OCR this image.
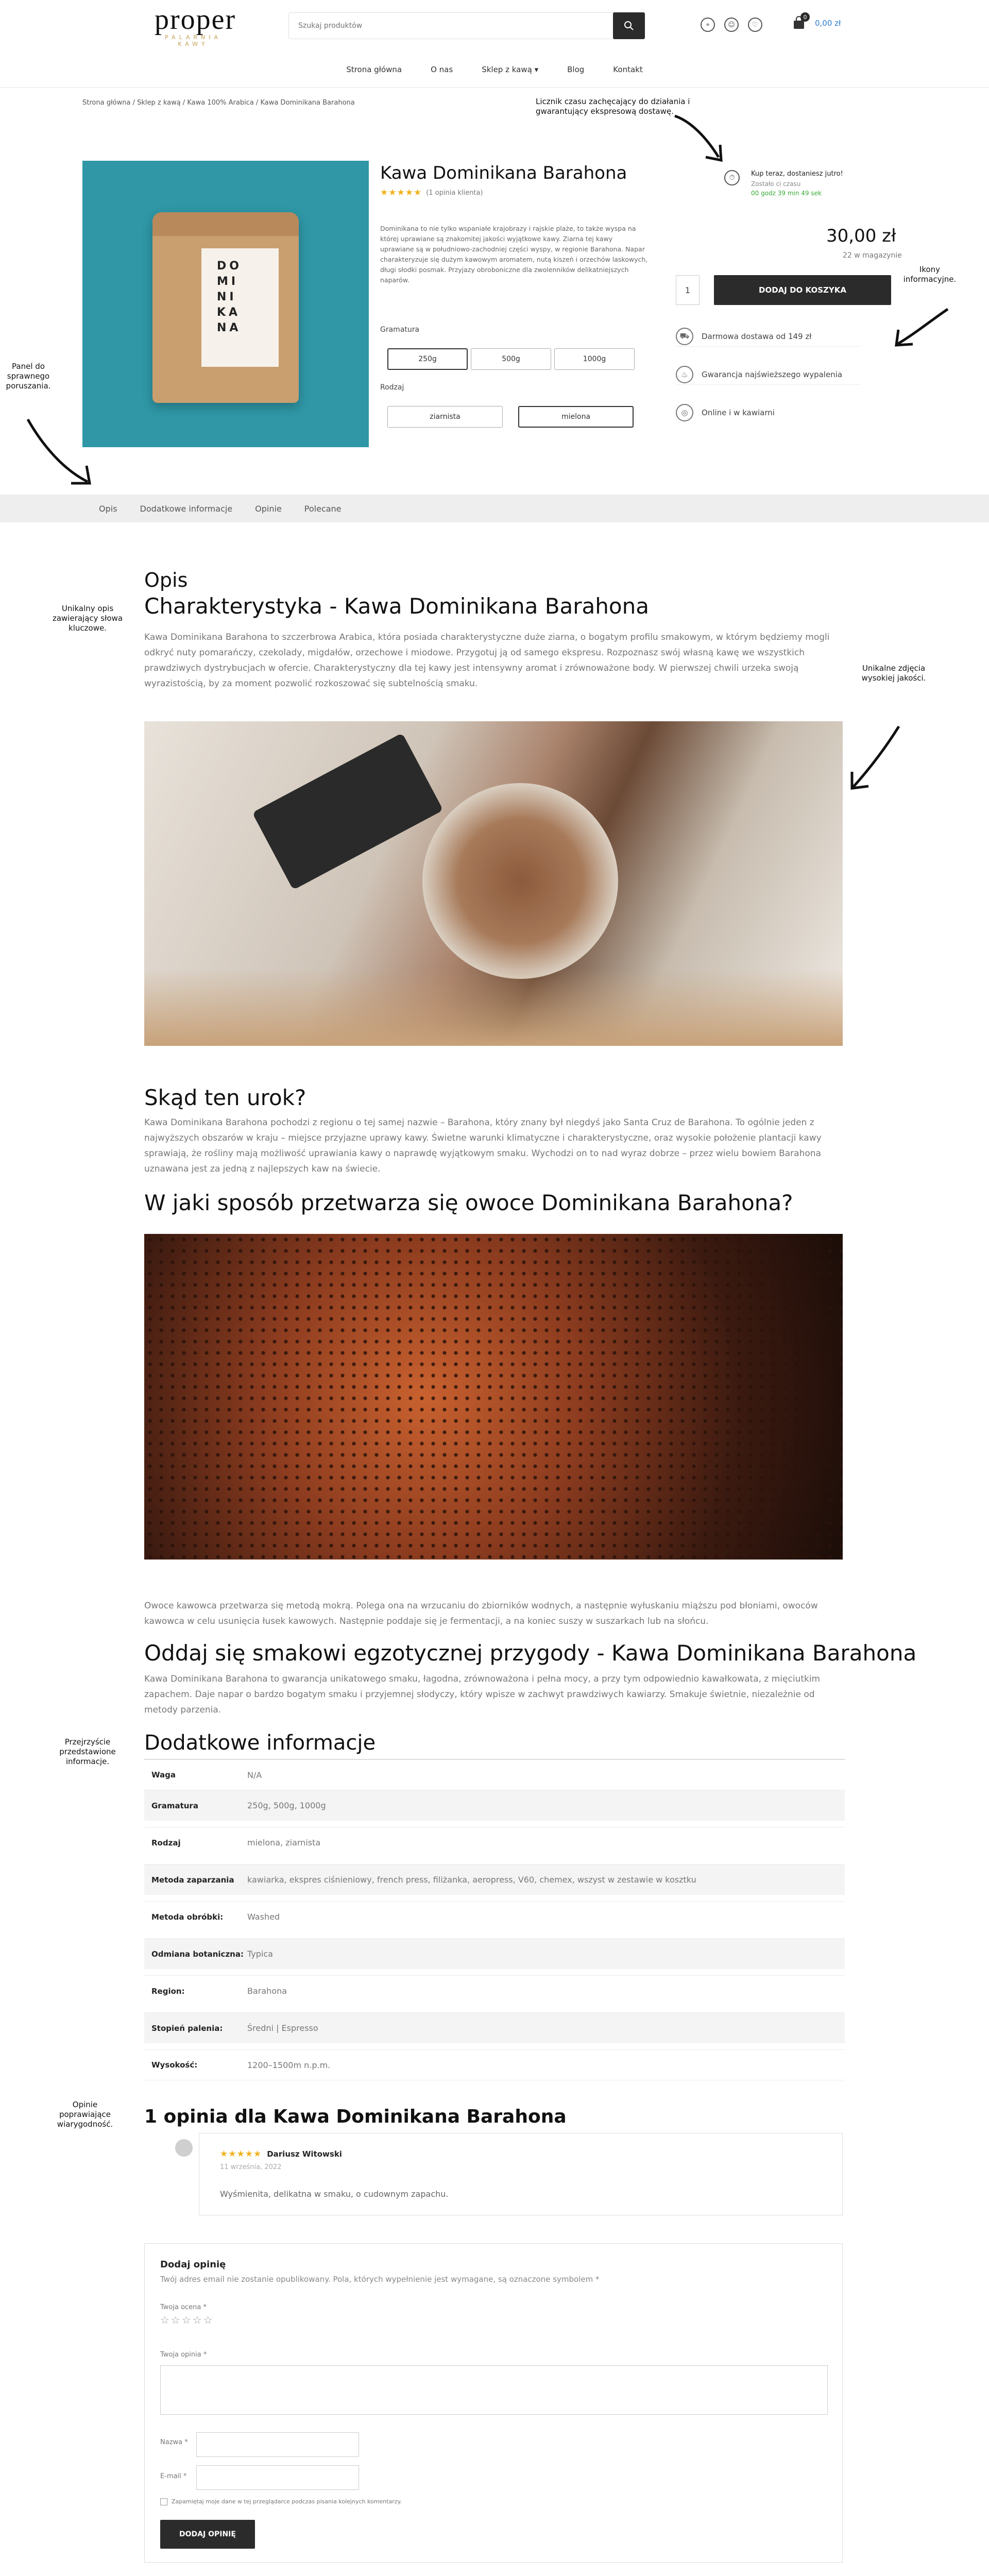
proper
PALARNIA KAWY
Szukaj produktów
⌖	☺	♡
0
0,00 zł
Strona główna	O nas	Sklep z kawą ▾	Blog	Kontakt
Strona główna / Sklep z kawą / Kawa 100% Arabica / Kawa Dominikana Barahona	Licznik czasu zachęcający do działania i gwarantujący ekspresową dostawę.
DO
MI
NI
KA
NA
Kawa Dominikana Barahona
★★★★★ (1 opinia klienta)
Dominikana to nie tylko wspaniałe krajobrazy i rajskie plaże, to także wyspa na której uprawiane są znakomitej jakości wyjątkowe kawy. Ziarna tej kawy uprawiane są w południowo-zachodniej części wyspy, w regionie Barahona. Napar charakteryzuje się dużym kawowym aromatem, nutą kiszeń i orzechów laskowych, długi słodki posmak. Przyjazy obroboniczne dla zwolenników delikatniejszych naparów.
Gramatura
250g	500g	1000g
Rodzaj
ziarnista	mielona
⏱	Kup teraz, dostaniesz jutro!
Zostało ci czasu
00 godz 39 min 49 sek
30,00 zł
22 w magazynie
1	DODAJ DO KOSZYKA
⛟	Darmowa dostawa od 149 zł
♨	Gwarancja najświeższego wypalenia
◎	Online i w kawiarni
Ikony informacyjne.
Panel do sprawnego poruszania.
Opis	Dodatkowe informacje	Opinie	Polecane
Unikalny opis zawierający słowa kluczowe.
Opis
Charakterystyka - Kawa Dominikana Barahona
Kawa Dominikana Barahona to szczerbrowa Arabica, która posiada charakterystyczne duże ziarna, o bogatym profilu smakowym, w którym będziemy mogli odkryć nuty pomarańczy, czekolady, migdałów, orzechowe i miodowe. Przygotuj ją od samego ekspresu. Rozpoznasz swój własną kawę we wszystkich prawdziwych dystrybucjach w ofercie. Charakterystyczny dla tej kawy jest intensywny aromat i zrównoważone body. W pierwszej chwili urzeka swoją wyrazistością, by za moment pozwolić rozkoszować się subtelnością smaku.
Unikalne zdjęcia wysokiej jakości.
Skąd ten urok?
Kawa Dominikana Barahona pochodzi z regionu o tej samej nazwie – Barahona, który znany był niegdyś jako Santa Cruz de Barahona. To ogólnie jeden z najwyższych obszarów w kraju – miejsce przyjazne uprawy kawy. Świetne warunki klimatyczne i charakterystyczne, oraz wysokie położenie plantacji kawy sprawiają, że rośliny mają możliwość uprawiania kawy o naprawdę wyjątkowym smaku. Wychodzi on to nad wyraz dobrze – przez wielu bowiem Barahona uznawana jest za jedną z najlepszych kaw na świecie.
W jaki sposób przetwarza się owoce Dominikana Barahona?
Owoce kawowca przetwarza się metodą mokrą. Polega ona na wrzucaniu do zbiorników wodnych, a następnie wyłuskaniu miąższu pod błoniami, owoców kawowca w celu usunięcia łusek kawowych. Następnie poddaje się je fermentacji, a na koniec suszy w suszarkach lub na słońcu.
Oddaj się smakowi egzotycznej przygody - Kawa Dominikana Barahona
Kawa Dominikana Barahona to gwarancja unikatowego smaku, łagodna, zrównoważona i pełna mocy, a przy tym odpowiednio kawałkowata, z mięciutkim zapachem. Daje napar o bardzo bogatym smaku i przyjemnej słodyczy, który wpisze w zachwyt prawdziwych kawiarzy. Smakuje świetnie, niezależnie od metody parzenia.
Przejrzyście przedstawione informacje.
Dodatkowe informacje
Waga	N/A
Gramatura	250g, 500g, 1000g
Rodzaj	mielona, ziarnista
Metoda zaparzania	kawiarka, ekspres ciśnieniowy, french press, filiżanka, aeropress, V60, chemex, wszyst w zestawie w kosztku
Metoda obróbki:	Washed
Odmiana botaniczna: Typica
Region:	Barahona
Stopień palenia:	Średni | Espresso
Wysokość:	1200–1500m n.p.m.
Opinie poprawiające wiarygodność. 1 opinia dla Kawa Dominikana Barahona
★★★★★ Dariusz Witowski
11 września, 2022
Wyśmienita, delikatna w smaku, o cudownym zapachu.
Dodaj opinię
Twój adres email nie zostanie opublikowany. Pola, których wypełnienie jest wymagane, są oznaczone symbolem *
Twoja ocena *
☆☆☆☆☆
Twoja opinia *
Nazwa *
E-mail *
Zapamiętaj moje dane w tej przeglądarce podczas pisania kolejnych komentarzy.
DODAJ OPINIĘ
